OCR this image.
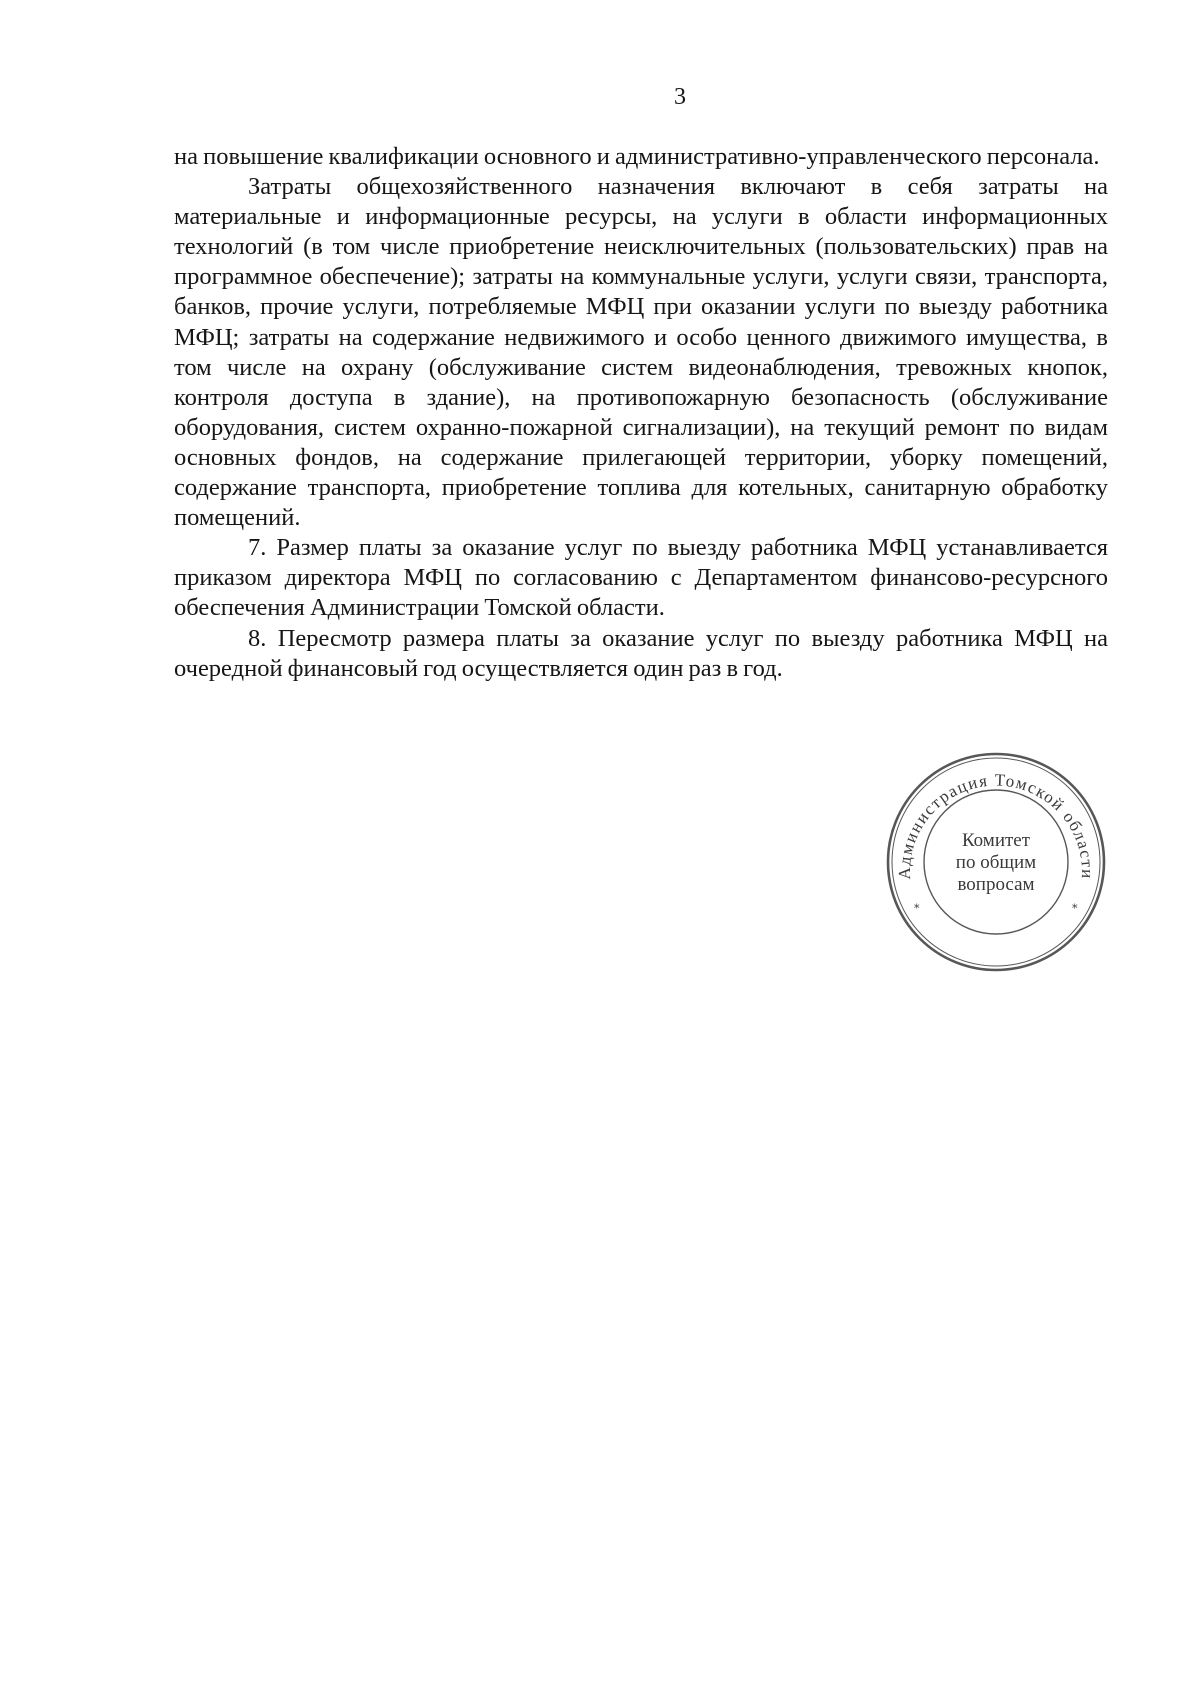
3

на повышение квалификации основного и административно-управленческого персонала.

Затраты общехозяйственного назначения включают в себя затраты на материальные и информационные ресурсы, на услуги в области информационных технологий (в том числе приобретение неисключительных (пользовательских) прав на программное обеспечение); затраты на коммунальные услуги, услуги связи, транспорта, банков, прочие услуги, потребляемые МФЦ при оказании услуги по выезду работника МФЦ; затраты на содержание недвижимого и особо ценного движимого имущества, в том числе на охрану (обслуживание систем видеонаблюдения, тревожных кнопок, контроля доступа в здание), на противопожарную безопасность (обслуживание оборудования, систем охранно-пожарной сигнализации), на текущий ремонт по видам основных фондов, на содержание прилегающей территории, уборку помещений, содержание транспорта, приобретение топлива для котельных, санитарную обработку помещений.

7. Размер платы за оказание услуг по выезду работника МФЦ устанавливается приказом директора МФЦ по согласованию с Департаментом финансово-ресурсного обеспечения Администрации Томской области.

8. Пересмотр размера платы за оказание услуг по выезду работника МФЦ на очередной финансовый год осуществляется один раз в год.

Администрация Томской области
*	*
Комитет
по общим
вопросам
